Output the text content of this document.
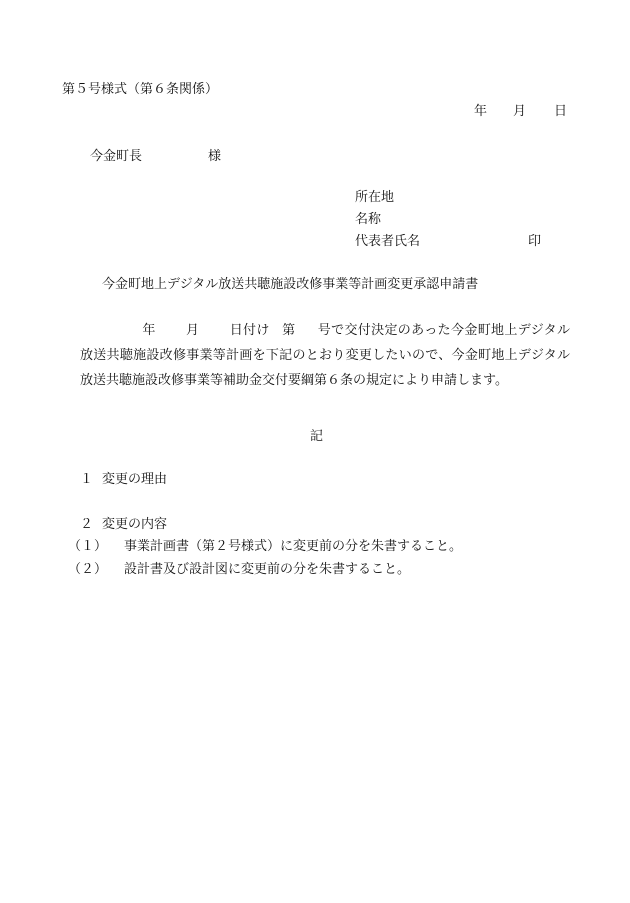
第５号様式（第６条関係）
年 月 日
今金町長	様
所在地
名称
代表者氏名	印
今金町地上デジタル放送共聴施設改修事業等計画変更承認申請書
年 月 日付け 第 号で交付決定のあった今金町地上デジタル放送共聴施設改修事業等計画を下記のとおり変更したいので、今金町地上デジタル放送共聴施設改修事業等補助金交付要綱第６条の規定により申請します。
記
１ 変更の理由
２ 変更の内容
（１） 事業計画書（第２号様式）に変更前の分を朱書すること。
（２） 設計書及び設計図に変更前の分を朱書すること。
